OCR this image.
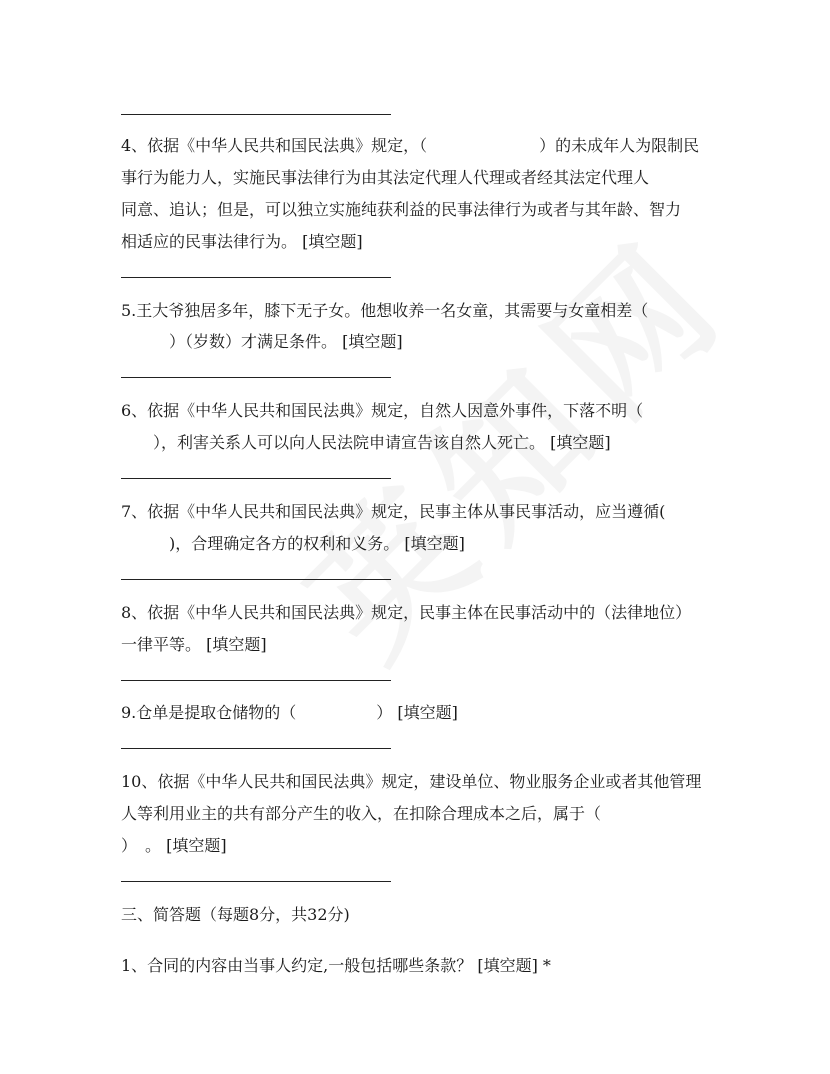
4、依据《中华人民共和国民法典》规定，（　　　　　　　）的未成年人为限制民
事行为能力人，实施民事法律行为由其法定代理人代理或者经其法定代理人
同意、追认；但是，可以独立实施纯获利益的民事法律行为或者与其年龄、智力
相适应的民事法律行为。 [填空题]
5.王大爷独居多年，膝下无子女。他想收养一名女童，其需要与女童相差（
　　　）（岁数）才满足条件。 [填空题]
6、依据《中华人民共和国民法典》规定，自然人因意外事件，下落不明（
　　），利害关系人可以向人民法院申请宣告该自然人死亡。 [填空题]
7、依据《中华人民共和国民法典》规定，民事主体从事民事活动，应当遵循(
　　　)，合理确定各方的权利和义务。 [填空题]
8、依据《中华人民共和国民法典》规定，民事主体在民事活动中的（法律地位）
一律平等。 [填空题]
9.仓单是提取仓储物的（　　　　　） [填空题]
10、依据《中华人民共和国民法典》规定，建设单位、物业服务企业或者其他管理
人等利用业主的共有部分产生的收入，在扣除合理成本之后，属于（
）　。 [填空题]
三、简答题（每题8分，共32分)
1、合同的内容由当事人约定,一般包括哪些条款？ [填空题] *
